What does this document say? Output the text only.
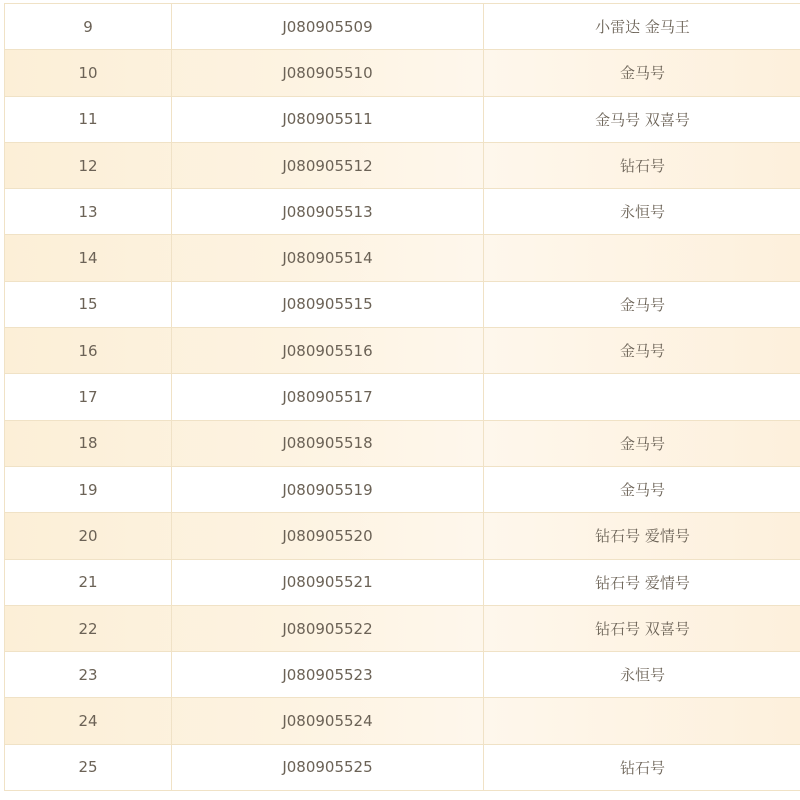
9	J080905509	小雷达 金马王
10	J080905510	金马号
11	J080905511	金马号 双喜号
12	J080905512	钻石号
13	J080905513	永恒号
14	J080905514
15	J080905515	金马号
16	J080905516	金马号
17	J080905517
18	J080905518	金马号
19	J080905519	金马号
20	J080905520	钻石号 爱情号
21	J080905521	钻石号 爱情号
22	J080905522	钻石号 双喜号
23	J080905523	永恒号
24	J080905524
25	J080905525	钻石号
